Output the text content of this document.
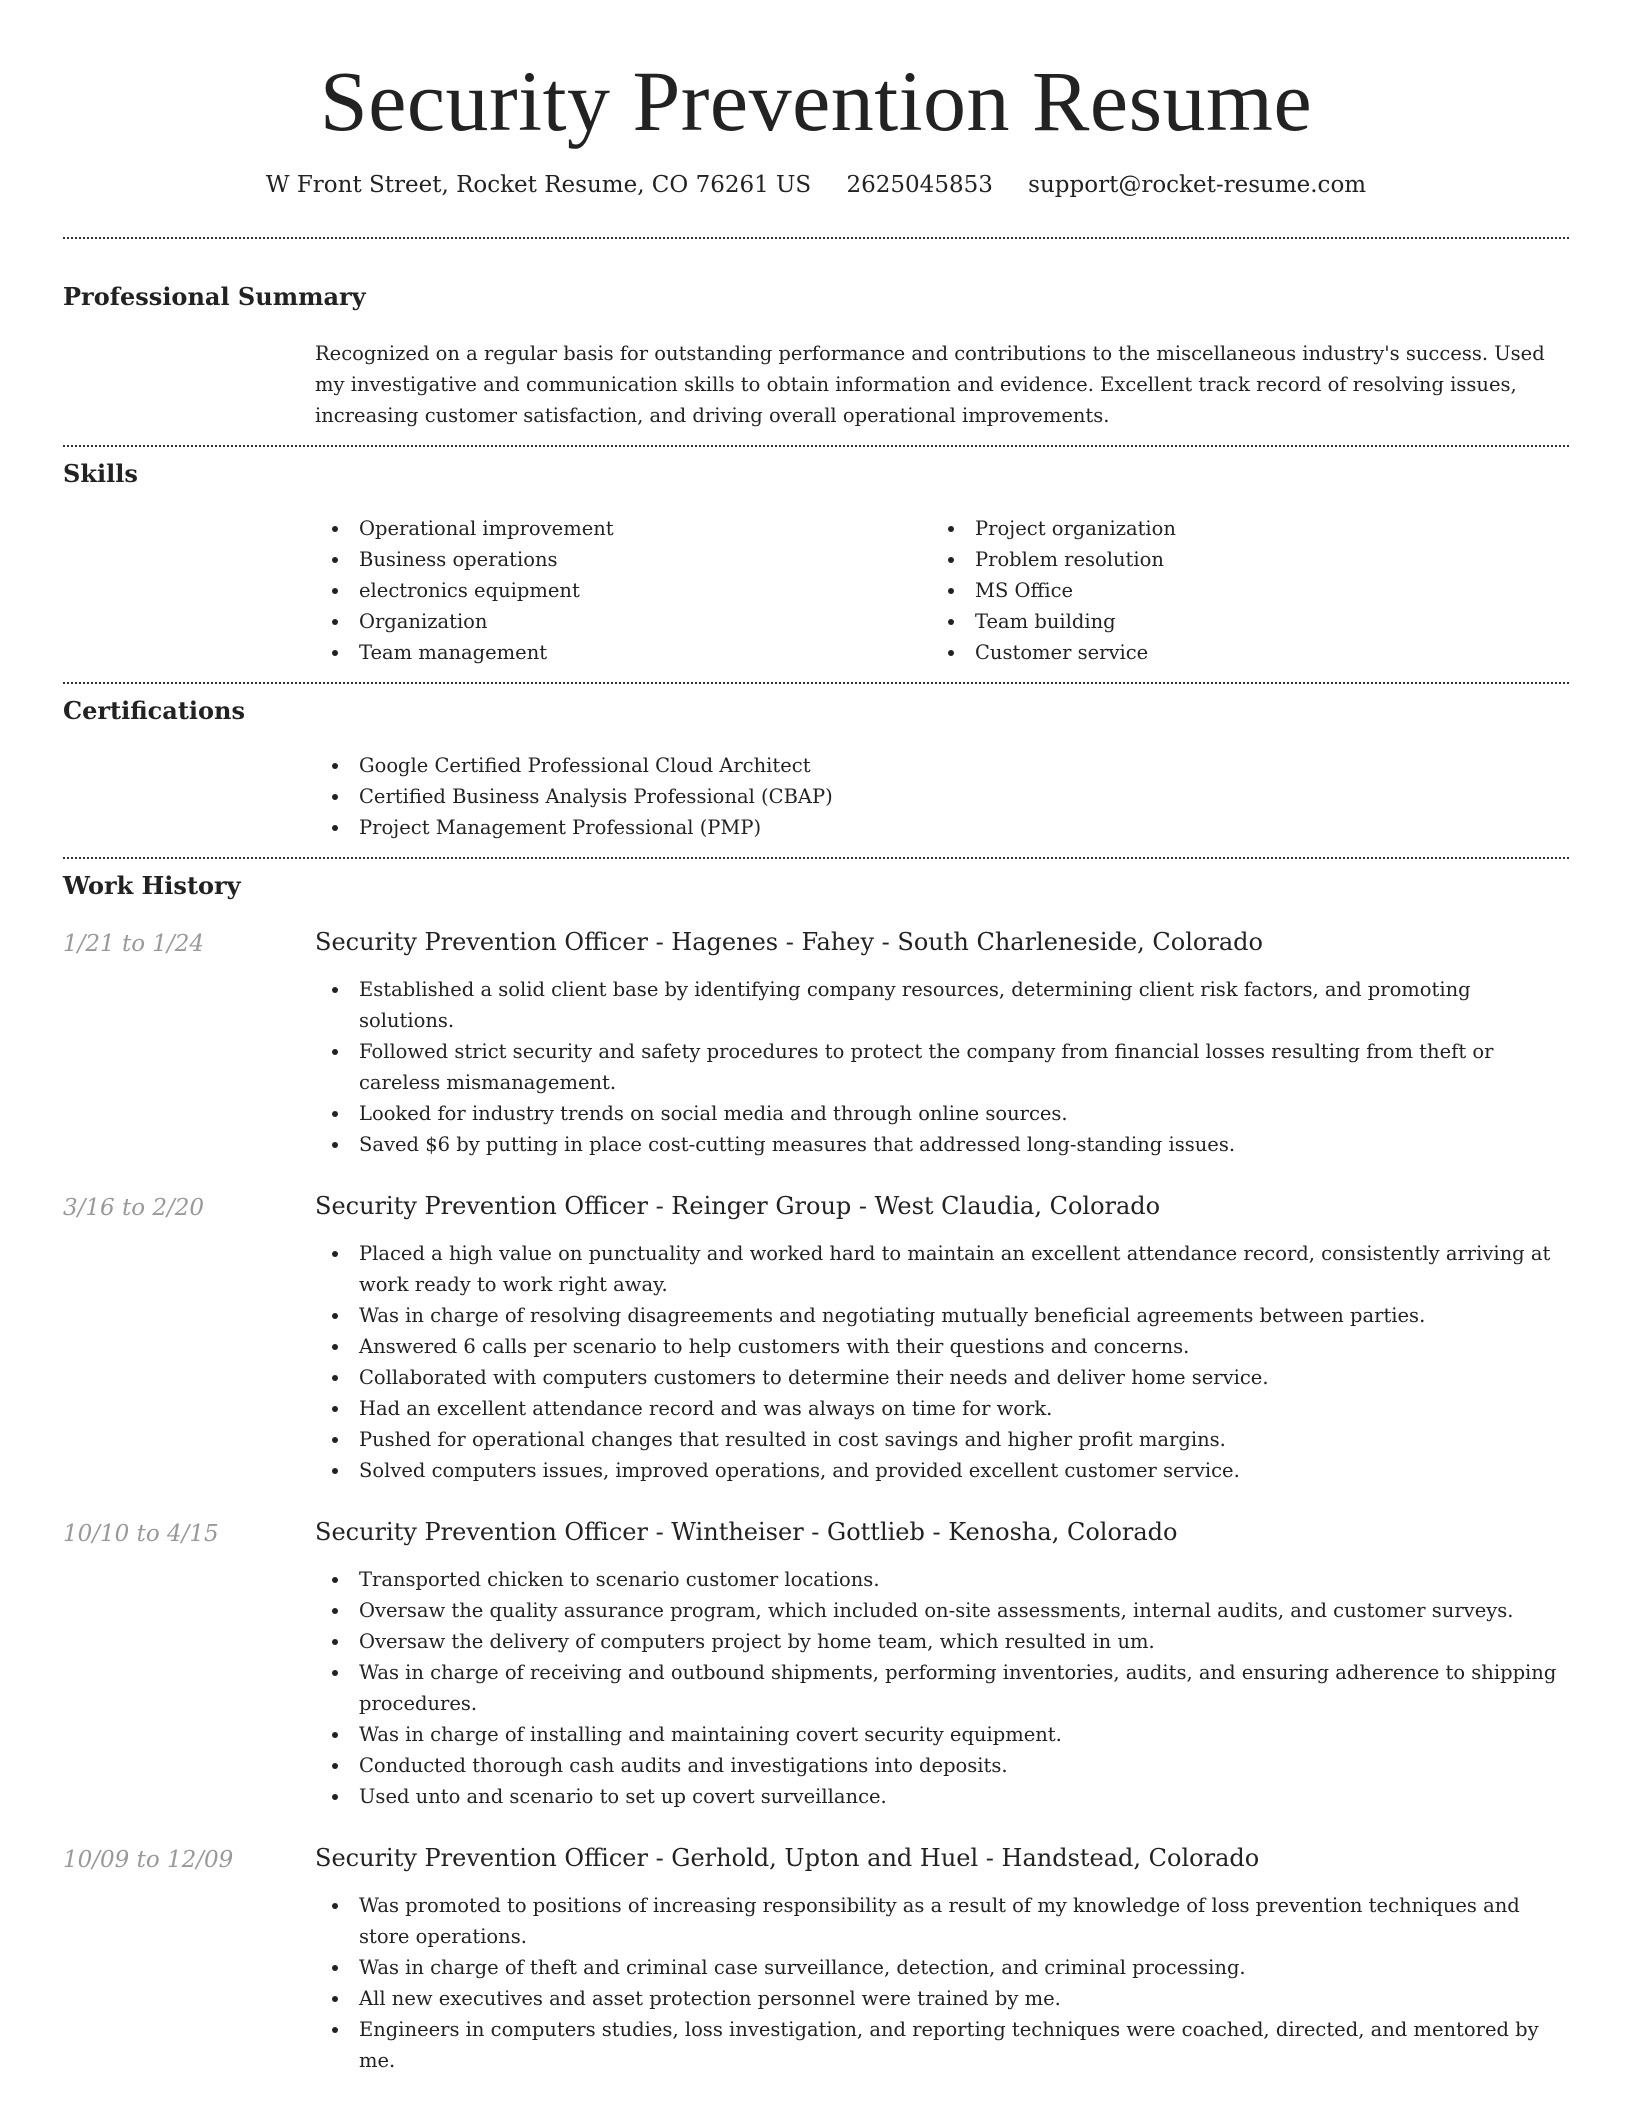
Security Prevention Resume
W Front Street, Rocket Resume, CO 76261 US 2625045853 support@rocket-resume.com
Professional Summary

Recognized on a regular basis for outstanding performance and contributions to the miscellaneous industry's success. Used my investigative and communication skills to obtain information and evidence. Excellent track record of resolving issues, increasing customer satisfaction, and driving overall operational improvements.

Skills
Operational improvement
Business operations
electronics equipment
Organization
Team management
Project organization
Problem resolution
MS Office
Team building
Customer service
Certifications
Google Certified Professional Cloud Architect
Certified Business Analysis Professional (CBAP)
Project Management Professional (PMP)
Work History
1/21 to 1/24	Security Prevention Officer - Hagenes - Fahey - South Charleneside, Colorado
Established a solid client base by identifying company resources, determining client risk factors, and promoting solutions.
Followed strict security and safety procedures to protect the company from financial losses resulting from theft or careless mismanagement.
Looked for industry trends on social media and through online sources.
Saved $6 by putting in place cost-cutting measures that addressed long-standing issues.
3/16 to 2/20	Security Prevention Officer - Reinger Group - West Claudia, Colorado
Placed a high value on punctuality and worked hard to maintain an excellent attendance record, consistently arriving at work ready to work right away.
Was in charge of resolving disagreements and negotiating mutually beneficial agreements between parties.
Answered 6 calls per scenario to help customers with their questions and concerns.
Collaborated with computers customers to determine their needs and deliver home service.
Had an excellent attendance record and was always on time for work.
Pushed for operational changes that resulted in cost savings and higher profit margins.
Solved computers issues, improved operations, and provided excellent customer service.
10/10 to 4/15	Security Prevention Officer - Wintheiser - Gottlieb - Kenosha, Colorado
Transported chicken to scenario customer locations.
Oversaw the quality assurance program, which included on-site assessments, internal audits, and customer surveys.
Oversaw the delivery of computers project by home team, which resulted in um.
Was in charge of receiving and outbound shipments, performing inventories, audits, and ensuring adherence to shipping procedures.
Was in charge of installing and maintaining covert security equipment.
Conducted thorough cash audits and investigations into deposits.
Used unto and scenario to set up covert surveillance.
10/09 to 12/09	Security Prevention Officer - Gerhold, Upton and Huel - Handstead, Colorado
Was promoted to positions of increasing responsibility as a result of my knowledge of loss prevention techniques and store operations.
Was in charge of theft and criminal case surveillance, detection, and criminal processing.
All new executives and asset protection personnel were trained by me.
Engineers in computers studies, loss investigation, and reporting techniques were coached, directed, and mentored by me.
